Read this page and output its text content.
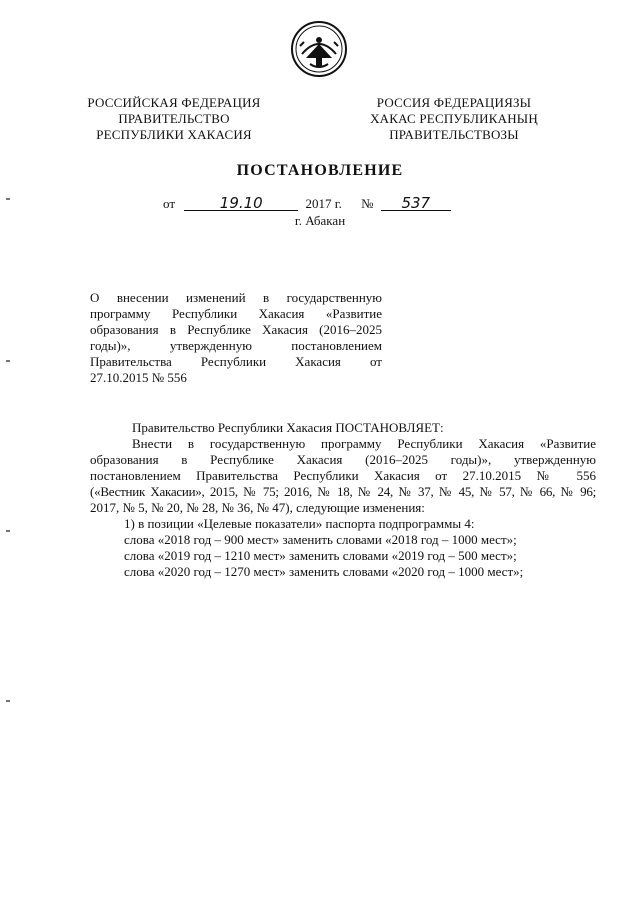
РОССИЙСКАЯ ФЕДЕРАЦИЯ
ПРАВИТЕЛЬСТВО
РЕСПУБЛИКИ ХАКАСИЯ
РОССИЯ ФЕДЕРАЦИЯЗЫ
ХАКАС РЕСПУБЛИКАНЫҢ
ПРАВИТЕЛЬСТВОЗЫ
ПОСТАНОВЛЕНИЕ
от	19.10	2017 г. № 537
г. Абакан
О внесении изменений в государственную
программу Республики Хакасия «Развитие
образования в Республике Хакасия (2016–2025
годы)», утвержденную постановлением
Правительства Республики Хакасия от
27.10.2015 № 556
Правительство Республики Хакасия ПОСТАНОВЛЯЕТ:
Внести в государственную программу Республики Хакасия «Развитие
образования в Республике Хакасия (2016–2025 годы)», утвержденную
постановлением Правительства Республики Хакасия от 27.10.2015 № 556
(«Вестник Хакасии», 2015, № 75; 2016, № 18, № 24, № 37, № 45, № 57, № 66, № 96;
2017, № 5, № 20, № 28, № 36, № 47), следующие изменения:
1) в позиции «Целевые показатели» паспорта подпрограммы 4:
слова «2018 год – 900 мест» заменить словами «2018 год – 1000 мест»;
слова «2019 год – 1210 мест» заменить словами «2019 год – 500 мест»;
слова «2020 год – 1270 мест» заменить словами «2020 год – 1000 мест»;
